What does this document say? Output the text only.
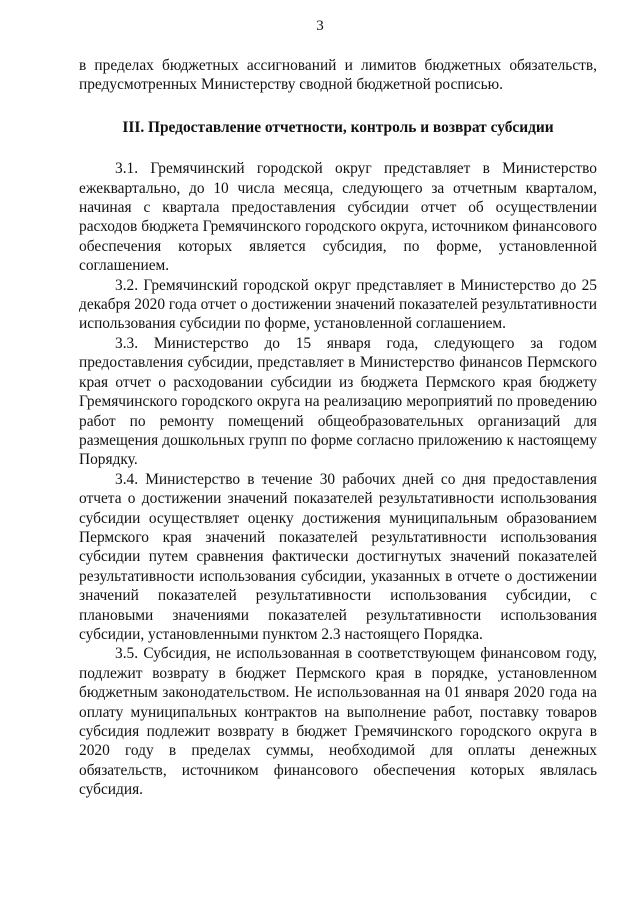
3

в пределах бюджетных ассигнований и лимитов бюджетных обязательств, предусмотренных Министерству сводной бюджетной росписью.

III. Предоставление отчетности, контроль и возврат субсидии

3.1. Гремячинский городской округ представляет в Министерство ежеквартально, до 10 числа месяца, следующего за отчетным кварталом, начиная с квартала предоставления субсидии отчет об осуществлении расходов бюджета Гремячинского городского округа, источником финансового обеспечения которых является субсидия, по форме, установленной соглашением.

3.2. Гремячинский городской округ представляет в Министерство до 25 декабря 2020 года отчет о достижении значений показателей результативности использования субсидии по форме, установленной соглашением.

3.3. Министерство до 15 января года, следующего за годом предоставления субсидии, представляет в Министерство финансов Пермского края отчет о расходовании субсидии из бюджета Пермского края бюджету Гремячинского городского округа на реализацию мероприятий по проведению работ по ремонту помещений общеобразовательных организаций для размещения дошкольных групп по форме согласно приложению к настоящему Порядку.

3.4. Министерство в течение 30 рабочих дней со дня предоставления отчета о достижении значений показателей результативности использования субсидии осуществляет оценку достижения муниципальным образованием Пермского края значений показателей результативности использования субсидии путем сравнения фактически достигнутых значений показателей результативности использования субсидии, указанных в отчете о достижении значений показателей результативности использования субсидии, с плановыми значениями показателей результативности использования субсидии, установленными пунктом 2.3 настоящего Порядка.

3.5. Субсидия, не использованная в соответствующем финансовом году, подлежит возврату в бюджет Пермского края в порядке, установленном бюджетным законодательством. Не использованная на 01 января 2020 года на оплату муниципальных контрактов на выполнение работ, поставку товаров субсидия подлежит возврату в бюджет Гремячинского городского округа в 2020 году в пределах суммы, необходимой для оплаты денежных обязательств, источником финансового обеспечения которых являлась субсидия.
